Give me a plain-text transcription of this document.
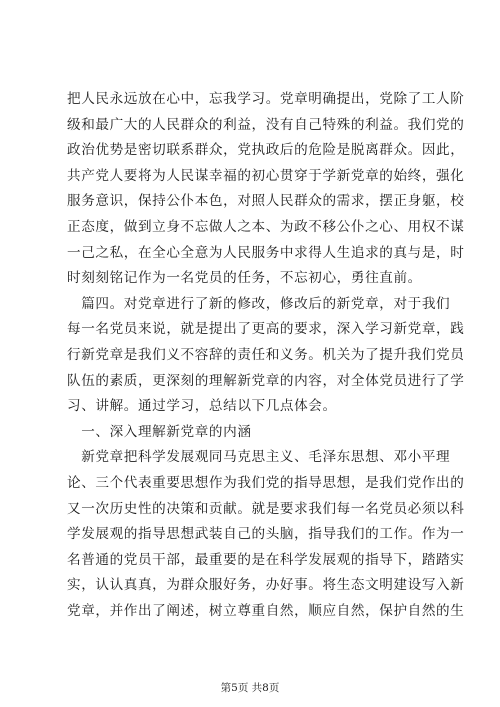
把人民永远放在心中，忘我学习。党章明确提出，党除了工人阶
级和最广大的人民群众的利益，没有自己特殊的利益。我们党的
政治优势是密切联系群众，党执政后的危险是脱离群众。因此，
共产党人要将为人民谋幸福的初心贯穿于学新党章的始终，强化
服务意识，保持公仆本色，对照人民群众的需求，摆正身躯，校
正态度，做到立身不忘做人之本、为政不移公仆之心、用权不谋
一己之私，在全心全意为人民服务中求得人生追求的真与是，时
时刻刻铭记作为一名党员的任务，不忘初心，勇往直前。
　篇四。对党章进行了新的修改，修改后的新党章，对于我们
每一名党员来说，就是提出了更高的要求，深入学习新党章，践
行新党章是我们义不容辞的责任和义务。机关为了提升我们党员
队伍的素质，更深刻的理解新党章的内容，对全体党员进行了学
习、讲解。通过学习，总结以下几点体会。
　一、深入理解新党章的内涵
　新党章把科学发展观同马克思主义、毛泽东思想、邓小平理
论、三个代表重要思想作为我们党的指导思想，是我们党作出的
又一次历史性的决策和贡献。就是要求我们每一名党员必须以科
学发展观的指导思想武装自己的头脑，指导我们的工作。作为一
名普通的党员干部，最重要的是在科学发展观的指导下，踏踏实
实，认认真真，为群众服好务，办好事。将生态文明建设写入新
党章，并作出了阐述，树立尊重自然，顺应自然，保护自然的生
第5页 共8页
